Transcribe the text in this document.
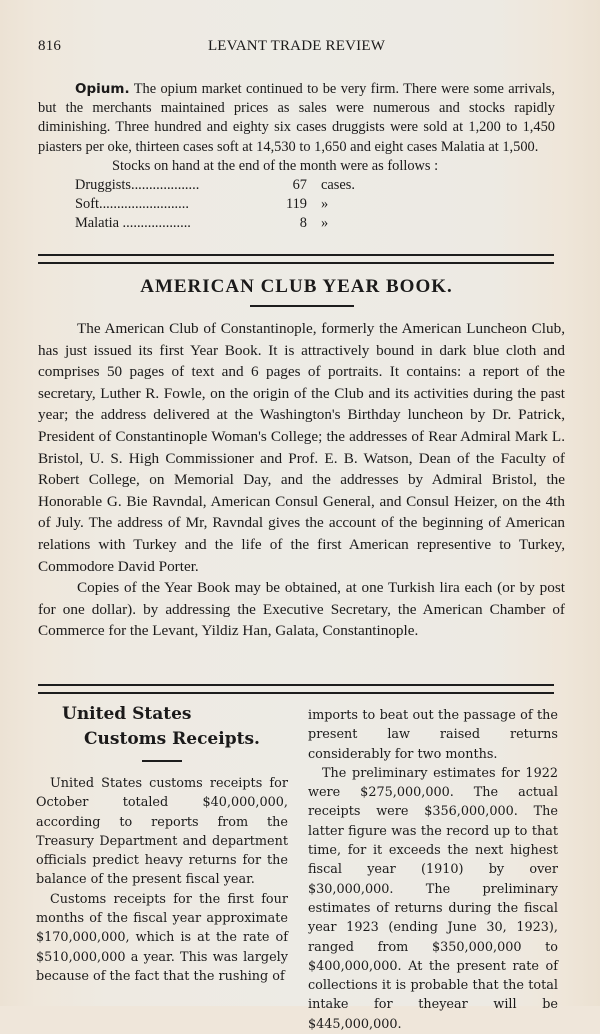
816	LEVANT TRADE REVIEW

Opium. The opium market continued to be very firm. There were some arrivals, but the merchants maintained prices as sales were numerous and stocks rapidly diminishing. Three hundred and eighty six cases druggists were sold at 1,200 to 1,450 piasters per oke, thirteen cases soft at 14,530 to 1,650 and eight cases Malatia at 1,500.

Stocks on hand at the end of the month were as follows :

Druggists...................	67 cases.
Soft.........................	119 »
Malatia ...................	8 »
AMERICAN CLUB YEAR BOOK.

The American Club of Constantinople, formerly the American Luncheon Club, has just issued its first Year Book. It is attractively bound in dark blue cloth and comprises 50 pages of text and 6 pages of portraits. It contains: a report of the secretary, Luther R. Fowle, on the origin of the Club and its activities during the past year; the address delivered at the Washington's Birthday luncheon by Dr. Patrick, President of Constantinople Woman's College; the addresses of Rear Admiral Mark L. Bristol, U. S. High Commissioner and Prof. E. B. Watson, Dean of the Faculty of Robert College, on Memorial Day, and the addresses by Admiral Bristol, the Honorable G. Bie Ravndal, American Consul General, and Consul Heizer, on the 4th of July. The address of Mr, Ravndal gives the account of the beginning of American relations with Turkey and the life of the first American representive to Turkey, Commodore David Porter.

Copies of the Year Book may be obtained, at one Turkish lira each (or by post for one dollar). by addressing the Executive Secretary, the American Chamber of Commerce for the Levant, Yildiz Han, Galata, Constantinople.

United States
Customs Receipts.

United States customs receipts for October totaled $40,000,000, according to reports from the Treasury Department and department officials predict heavy returns for the balance of the present fiscal year.

Customs receipts for the first four months of the fiscal year approximate $170,000,000, which is at the rate of $510,000,000 a year. This was largely because of the fact that the rushing of

imports to beat out the passage of the present law raised returns considerably for two months.

The preliminary estimates for 1922 were $275,000,000. The actual receipts were $356,000,000. The latter figure was the record up to that time, for it exceeds the next highest fiscal year (1910) by over $30,000,000. The preliminary estimates of returns during the fiscal year 1923 (ending June 30, 1923), ranged from $350,000,000 to $400,000,000. At the present rate of collections it is probable that the total intake for theyear will be $445,000,000.
